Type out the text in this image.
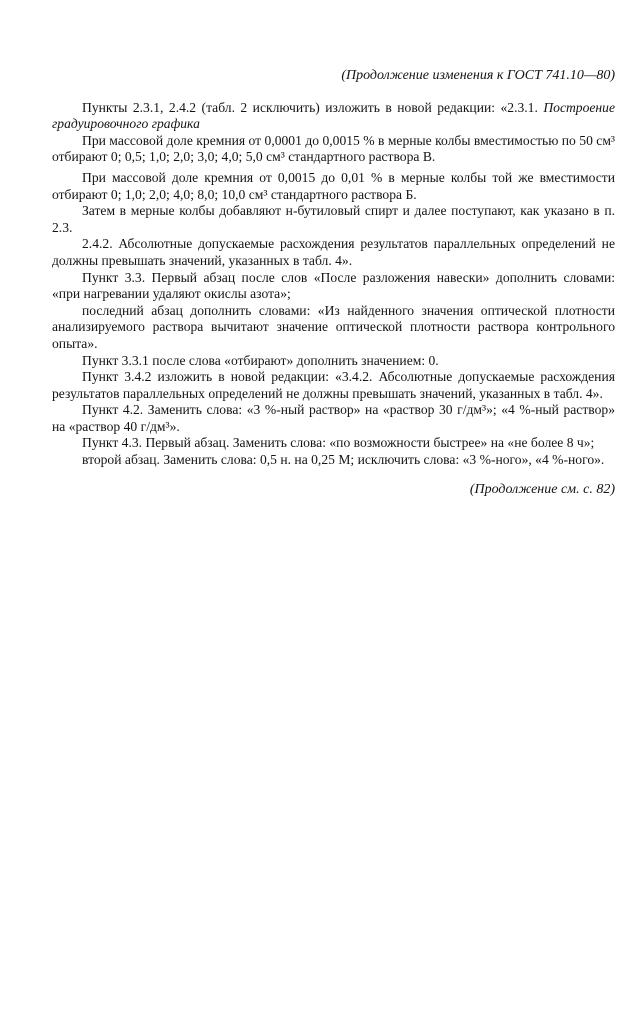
(Продолжение изменения к ГОСТ 741.10—80)

Пункты 2.3.1, 2.4.2 (табл. 2 исключить) изложить в новой редакции: «2.3.1. Построение градуировочного графика

При массовой доле кремния от 0,0001 до 0,0015 % в мерные колбы вместимостью по 50 см³ отбирают 0; 0,5; 1,0; 2,0; 3,0; 4,0; 5,0 см³ стандартного раствора В.

При массовой доле кремния от 0,0015 до 0,01 % в мерные колбы той же вместимости отбирают 0; 1,0; 2,0; 4,0; 8,0; 10,0 см³ стандартного раствора Б.

Затем в мерные колбы добавляют н-бутиловый спирт и далее поступают, как указано в п. 2.3.

2.4.2. Абсолютные допускаемые расхождения результатов параллельных определений не должны превышать значений, указанных в табл. 4».

Пункт 3.3. Первый абзац после слов «После разложения навески» дополнить словами: «при нагревании удаляют окислы азота»;

последний абзац дополнить словами: «Из найденного значения оптической плотности анализируемого раствора вычитают значение оптической плотности раствора контрольного опыта».

Пункт 3.3.1 после слова «отбирают» дополнить значением: 0.

Пункт 3.4.2 изложить в новой редакции: «3.4.2. Абсолютные допускаемые расхождения результатов параллельных определений не должны превышать значений, указанных в табл. 4».

Пункт 4.2. Заменить слова: «3 %-ный раствор» на «раствор 30 г/дм³»; «4 %-ный раствор» на «раствор 40 г/дм³».

Пункт 4.3. Первый абзац. Заменить слова: «по возможности быстрее» на «не более 8 ч»;

второй абзац. Заменить слова: 0,5 н. на 0,25 М; исключить слова: «3 %-ного», «4 %-ного».

(Продолжение см. с. 82)
